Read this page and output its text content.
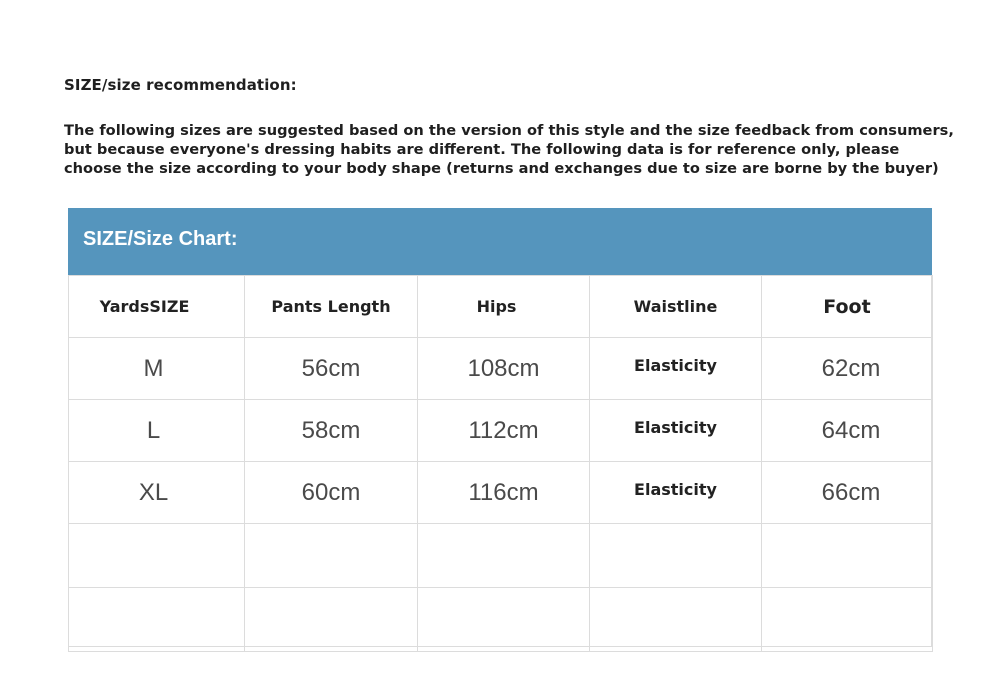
SIZE/size recommendation:
The following sizes are suggested based on the version of this style and the size feedback from consumers,
but because everyone's dressing habits are different. The following data is for reference only, please
choose the size according to your body shape (returns and exchanges due to size are borne by the buyer)
SIZE/Size Chart:
YardsSIZE	Pants Length	Hips	Waistline	Foot
M	56cm	108cm	Elasticity	62cm
L	58cm	112cm	Elasticity	64cm
XL	60cm	116cm	Elasticity	66cm
